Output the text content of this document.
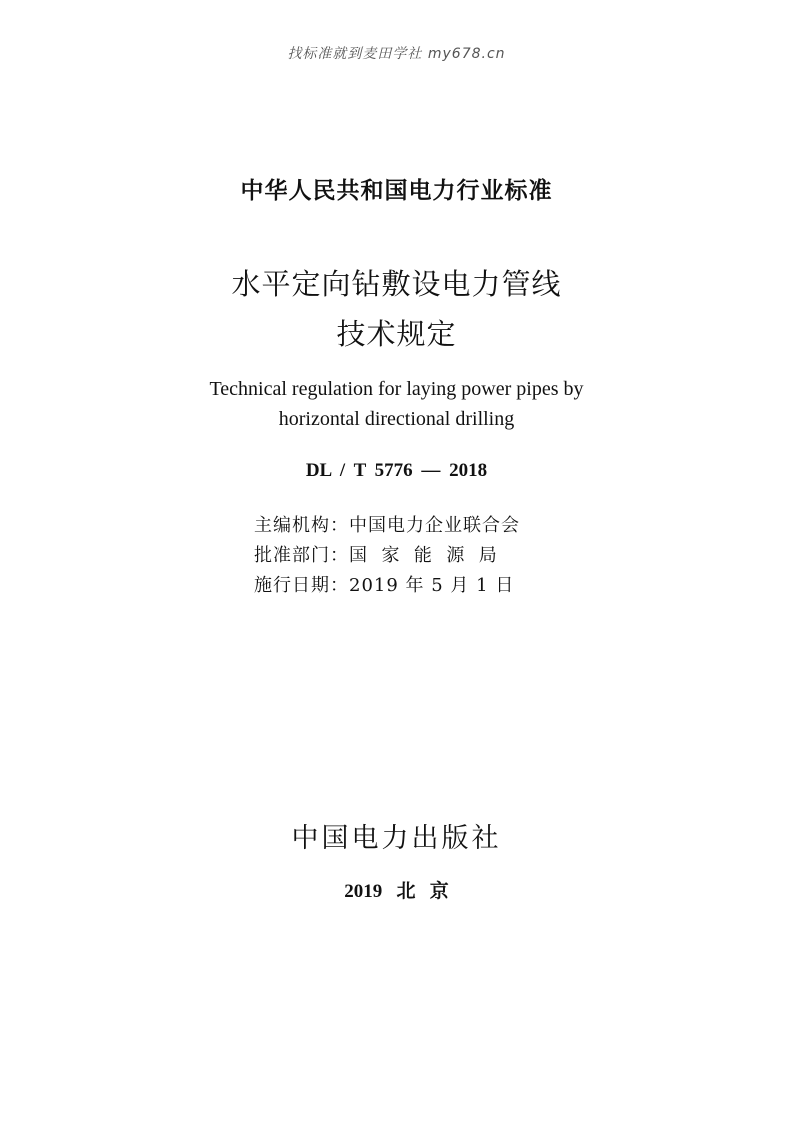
找标准就到麦田学社 my678.cn
中华人民共和国电力行业标准
水平定向钻敷设电力管线
技术规定
Technical regulation for laying power pipes by
horizontal directional drilling
DL / T 5776 — 2018
主编机构：中国电力企业联合会
批准部门：国  家  能  源  局
施行日期：2019 年 5 月 1 日
中国电力出版社
2019   北   京
